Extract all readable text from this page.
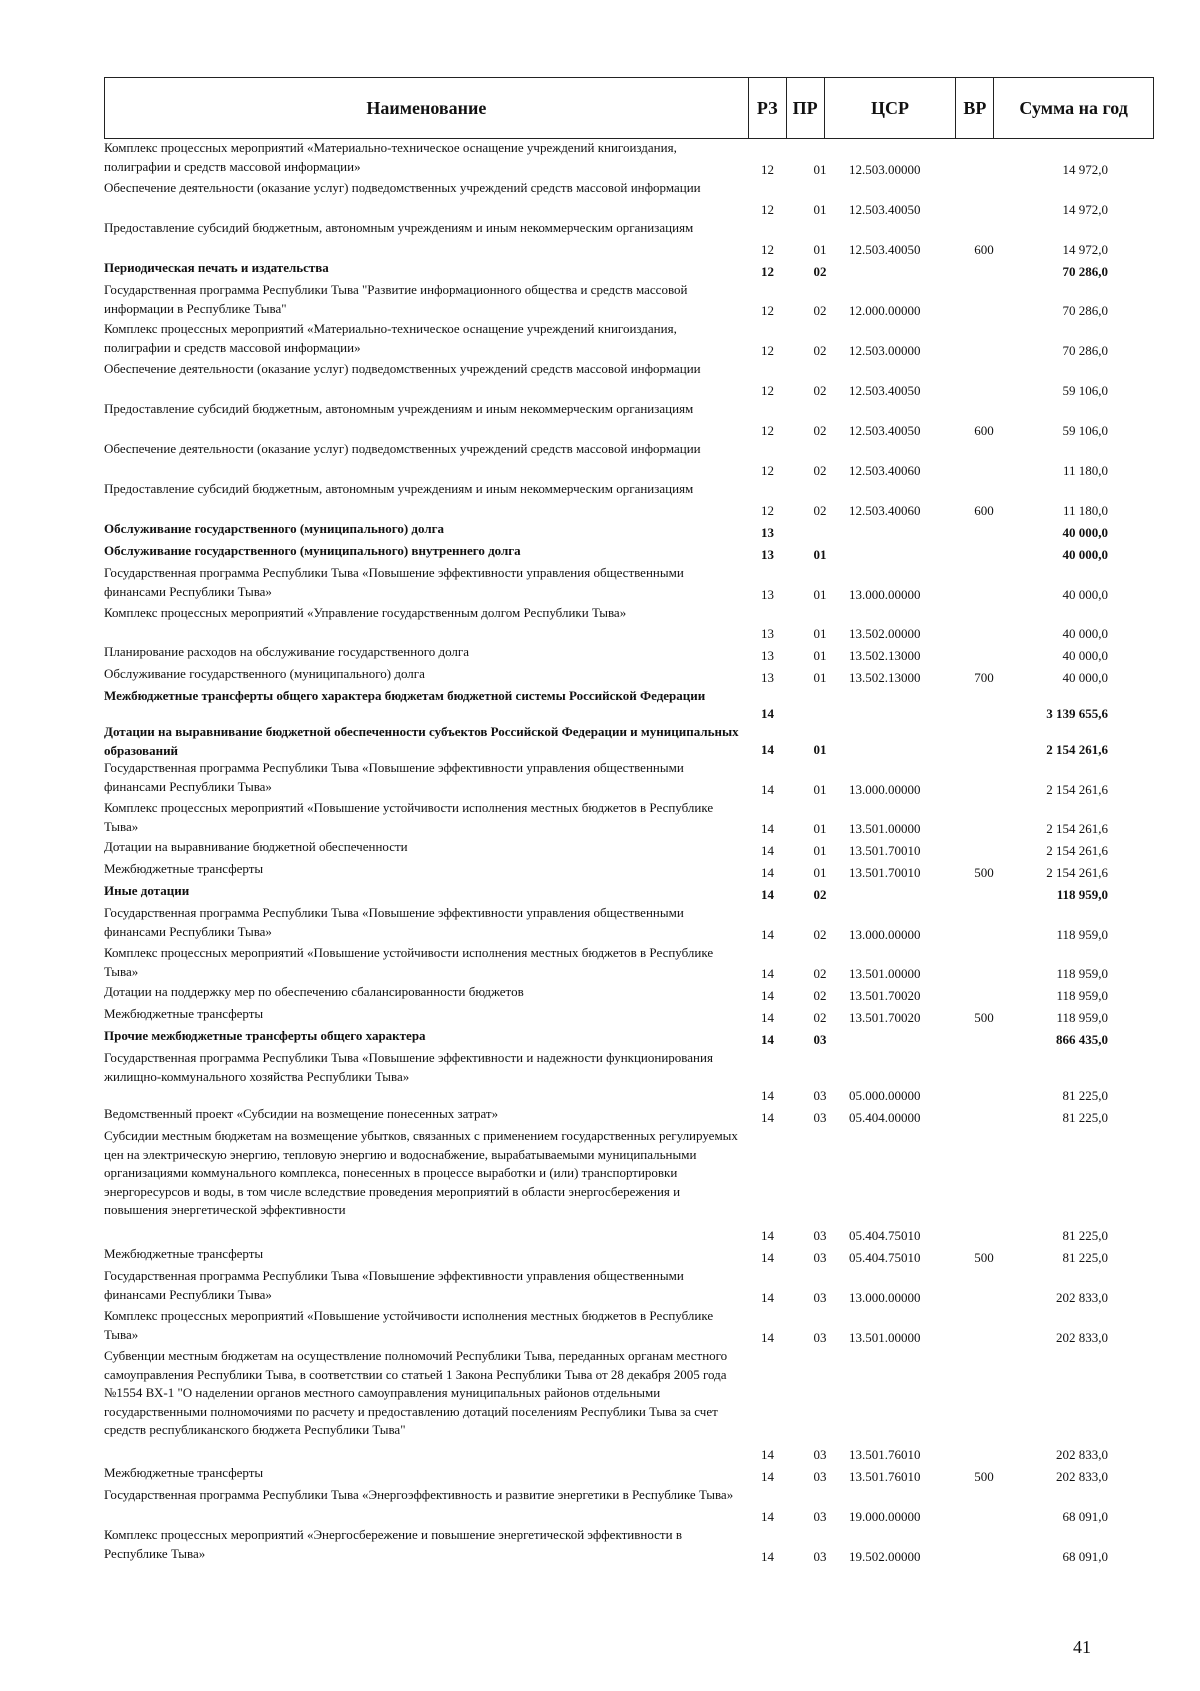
Наименование	РЗ ПР	ЦСР	ВР	Сумма на год
Комплекс процессных мероприятий «Материально-техническое оснащение учреждений книгоиздания, полиграфии и средств массовой информации»	12	01	12.503.00000	14 972,0
Обеспечение деятельности (оказание услуг) подведомственных учреждений средств массовой информации
12	01	12.503.40050	14 972,0
Предоставление субсидий бюджетным, автономным учреждениям и иным некоммерческим организациям
12	01	12.503.40050	600	14 972,0
Периодическая печать и издательства	12	02	70 286,0
Государственная программа Республики Тыва "Развитие информационного общества и средств массовой информации в Республике Тыва"	12	02	12.000.00000	70 286,0
Комплекс процессных мероприятий «Материально-техническое оснащение учреждений книгоиздания, полиграфии и средств массовой информации»	12	02	12.503.00000	70 286,0
Обеспечение деятельности (оказание услуг) подведомственных учреждений средств массовой информации
12	02	12.503.40050	59 106,0
Предоставление субсидий бюджетным, автономным учреждениям и иным некоммерческим организациям
12	02	12.503.40050	600	59 106,0
Обеспечение деятельности (оказание услуг) подведомственных учреждений средств массовой информации
12	02	12.503.40060	11 180,0
Предоставление субсидий бюджетным, автономным учреждениям и иным некоммерческим организациям
12	02	12.503.40060	600	11 180,0
Обслуживание государственного (муниципального) долга	13	40 000,0
Обслуживание государственного (муниципального) внутреннего долга	13	01	40 000,0
Государственная программа Республики Тыва «Повышение эффективности управления общественными финансами Республики Тыва»	13	01	13.000.00000	40 000,0
Комплекс процессных мероприятий «Управление государственным долгом Республики Тыва»
13	01	13.502.00000	40 000,0
Планирование расходов на обслуживание государственного долга	13	01	13.502.13000	40 000,0
Обслуживание государственного (муниципального) долга	13	01	13.502.13000	700	40 000,0
Межбюджетные трансферты общего характера бюджетам бюджетной системы Российской Федерации
14	3 139 655,6
Дотации на выравнивание бюджетной обеспеченности субъектов Российской Федерации и муниципальных образований	14	01	2 154 261,6
Государственная программа Республики Тыва «Повышение эффективности управления общественными финансами Республики Тыва»	14	01	13.000.00000	2 154 261,6
Комплекс процессных мероприятий «Повышение устойчивости исполнения местных бюджетов в Республике Тыва»	14	01	13.501.00000	2 154 261,6
Дотации на выравнивание бюджетной обеспеченности	14	01	13.501.70010	2 154 261,6
Межбюджетные трансферты	14	01	13.501.70010	500	2 154 261,6
Иные дотации	14	02	118 959,0
Государственная программа Республики Тыва «Повышение эффективности управления общественными финансами Республики Тыва»	14	02	13.000.00000	118 959,0
Комплекс процессных мероприятий «Повышение устойчивости исполнения местных бюджетов в Республике Тыва»	14	02	13.501.00000	118 959,0
Дотации на поддержку мер по обеспечению сбалансированности бюджетов	14	02	13.501.70020	118 959,0
Межбюджетные трансферты	14	02	13.501.70020	500	118 959,0
Прочие межбюджетные трансферты общего характера	14	03	866 435,0
Государственная программа Республики Тыва «Повышение эффективности и надежности функционирования жилищно-коммунального хозяйства Республики Тыва»
14	03	05.000.00000	81 225,0
Ведомственный проект «Субсидии на возмещение понесенных затрат»	14	03	05.404.00000	81 225,0
Субсидии местным бюджетам на возмещение убытков, связанных с применением государственных регулируемых цен на электрическую энергию, тепловую энергию и водоснабжение, вырабатываемыми муниципальными организациями коммунального комплекса, понесенных в процессе выработки и (или) транспортировки энергоресурсов и воды, в том числе вследствие проведения мероприятий в области энергосбережения и повышения энергетической эффективности
14	03	05.404.75010	81 225,0
Межбюджетные трансферты	14	03	05.404.75010	500	81 225,0
Государственная программа Республики Тыва «Повышение эффективности управления общественными финансами Республики Тыва»	14	03	13.000.00000	202 833,0
Комплекс процессных мероприятий «Повышение устойчивости исполнения местных бюджетов в Республике Тыва»	14	03	13.501.00000	202 833,0
Субвенции местным бюджетам на осуществление полномочий Республики Тыва, переданных органам местного самоуправления Республики Тыва, в соответствии со статьей 1 Закона Республики Тыва от 28 декабря 2005 года №1554 ВХ-1 "О наделении органов местного самоуправления муниципальных районов отдельными государственными полномочиями по расчету и предоставлению дотаций поселениям Республики Тыва за счет средств республиканского бюджета Республики Тыва"
14	03	13.501.76010	202 833,0
Межбюджетные трансферты	14	03	13.501.76010	500	202 833,0
Государственная программа Республики Тыва «Энергоэффективность и развитие энергетики в Республике Тыва»
14	03	19.000.00000	68 091,0
Комплекс процессных мероприятий «Энергосбережение и повышение энергетической эффективности в Республике Тыва»	14	03	19.502.00000	68 091,0
41
